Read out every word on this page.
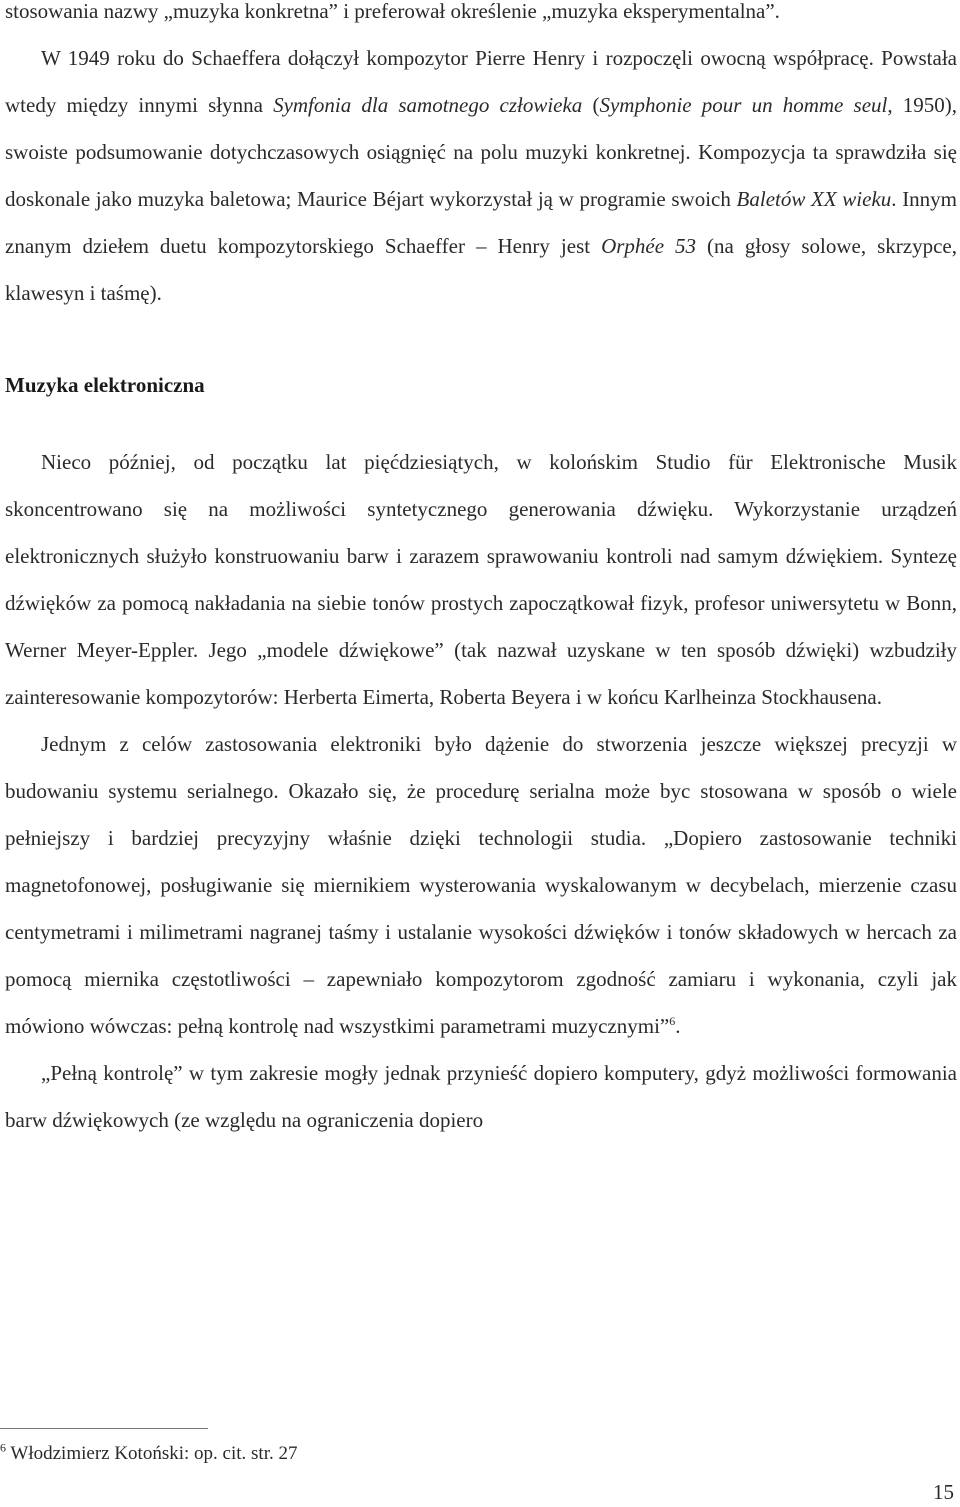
stosowania nazwy „muzyka konkretna” i preferował określenie „muzyka eksperymentalna”.

W 1949 roku do Schaeffera dołączył kompozytor Pierre Henry i rozpoczęli owocną współpracę. Powstała wtedy między innymi słynna Symfonia dla samotnego człowieka (Symphonie pour un homme seul, 1950), swoiste podsumowanie dotychczasowych osiągnięć na polu muzyki konkretnej. Kompozycja ta sprawdziła się doskonale jako muzyka baletowa; Maurice Béjart wykorzystał ją w programie swoich Baletów XX wieku. Innym znanym dziełem duetu kompozytorskiego Schaeffer – Henry jest Orphée 53 (na głosy solowe, skrzypce, klawesyn i taśmę).

Muzyka elektroniczna

Nieco później, od początku lat pięćdziesiątych, w kolońskim Studio für Elektronische Musik skoncentrowano się na możliwości syntetycznego generowania dźwięku. Wykorzystanie urządzeń elektronicznych służyło konstruowaniu barw i zarazem sprawowaniu kontroli nad samym dźwiękiem. Syntezę dźwięków za pomocą nakładania na siebie tonów prostych zapoczątkował fizyk, profesor uniwersytetu w Bonn, Werner Meyer-Eppler. Jego „modele dźwiękowe” (tak nazwał uzyskane w ten sposób dźwięki) wzbudziły zainteresowanie kompozytorów: Herberta Eimerta, Roberta Beyera i w końcu Karlheinza Stockhausena.

Jednym z celów zastosowania elektroniki było dążenie do stworzenia jeszcze większej precyzji w budowaniu systemu serialnego. Okazało się, że procedurę serialna może byc stosowana w sposób o wiele pełniejszy i bardziej precyzyjny właśnie dzięki technologii studia. „Dopiero zastosowanie techniki magnetofonowej, posługiwanie się miernikiem wysterowania wyskalowanym w decybelach, mierzenie czasu centymetrami i milimetrami nagranej taśmy i ustalanie wysokości dźwięków i tonów składowych w hercach za pomocą miernika częstotliwości – zapewniało kompozytorom zgodność zamiaru i wykonania, czyli jak mówiono wówczas: pełną kontrolę nad wszystkimi parametrami muzycznymi”$^6$.

„Pełną kontrolę” w tym zakresie mogły jednak przynieść dopiero komputery, gdyż możliwości formowania barw dźwiękowych (ze względu na ograniczenia dopiero

$^6$ Włodzimierz Kotoński: op. cit. str. 27
15
